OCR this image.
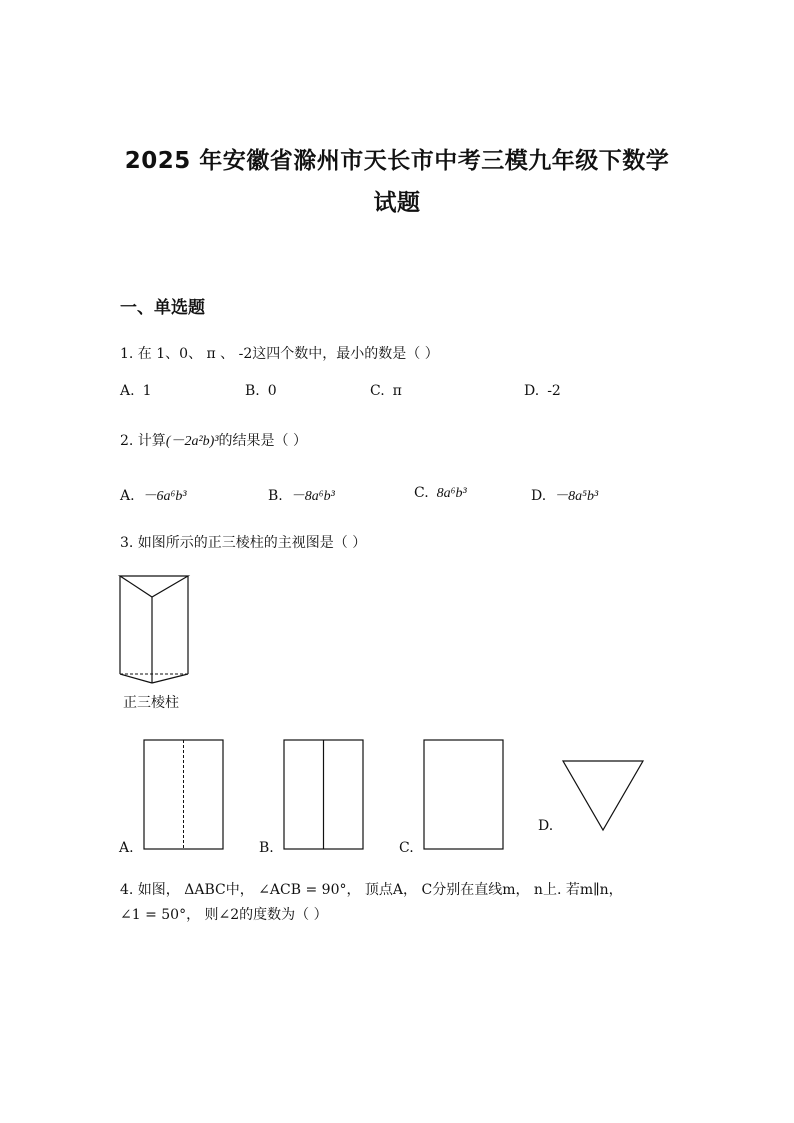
2025 年安徽省滁州市天长市中考三模九年级下数学
试题
一、单选题
1. 在 1、0、 π 、 -2这四个数中，最小的数是（ ）
A. 1	B. 0	C. π	D. -2
2. 计算(－2a²b)³的结果是（ ）
A. －6a⁶b³	B. －8a⁶b³	C. 8a⁶b³	D. －8a⁵b³
3. 如图所示的正三棱柱的主视图是（ ）
正三棱柱
A.	B.	C.
D.
4. 如图， ΔABC中， ∠ACB = 90°， 顶点A， C分别在直线m， n上. 若m∥n，
∠1 = 50°， 则∠2的度数为（ ）
